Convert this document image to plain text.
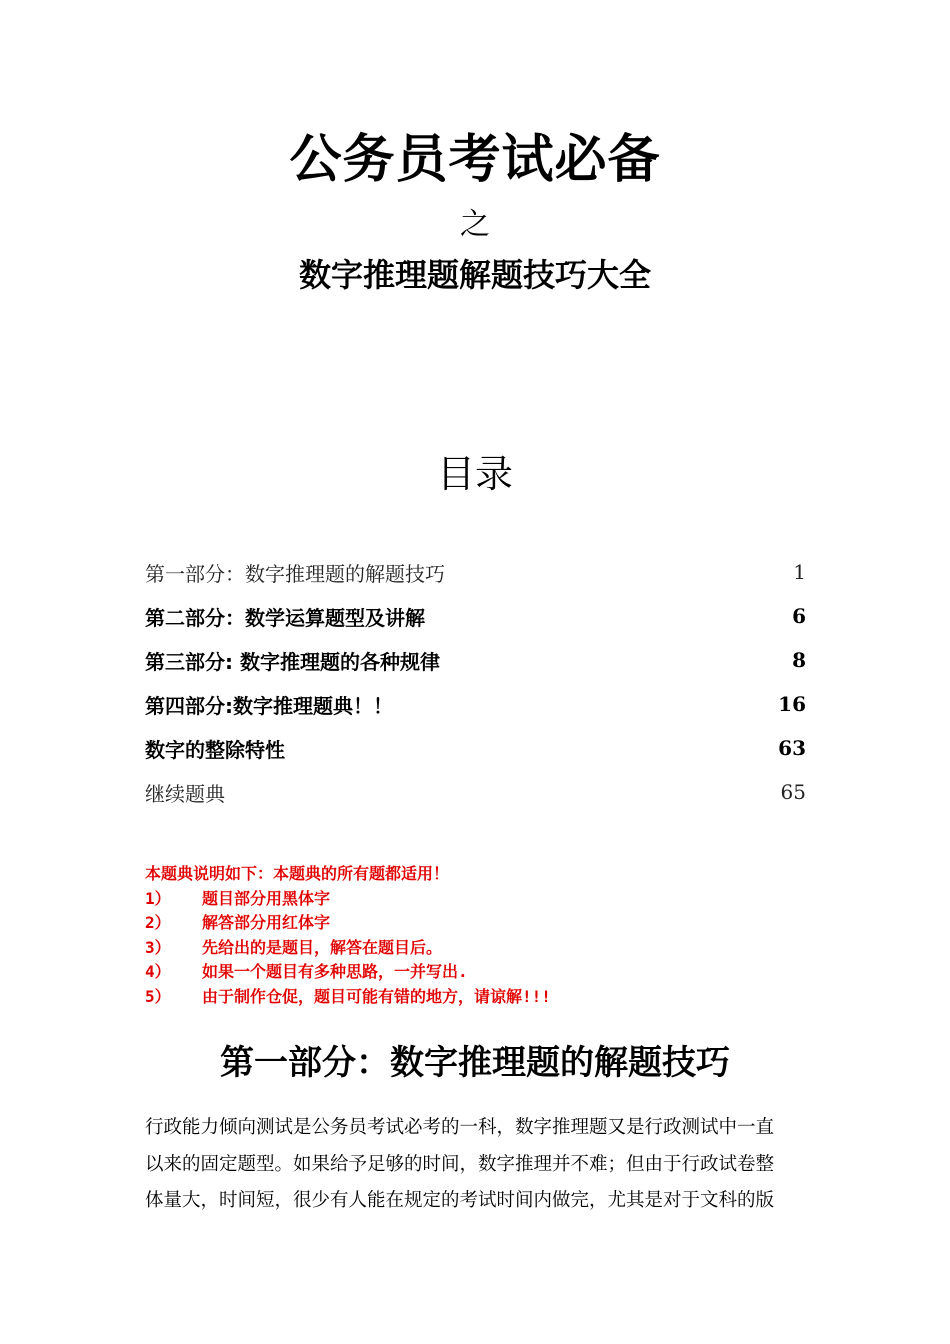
公务员考试必备
之
数字推理题解题技巧大全
目录
第一部分：数字推理题的解题技巧	1
第二部分：数学运算题型及讲解	6
第三部分: 数字推理题的各种规律	8
第四部分:数字推理题典！！	16
数字的整除特性	63
继续题典	65
本题典说明如下：本题典的所有题都适用！
1） 题目部分用黑体字
2） 解答部分用红体字
3） 先给出的是题目，解答在题目后。
4） 如果一个题目有多种思路，一并写出.
5） 由于制作仓促，题目可能有错的地方，请谅解!!!
第一部分：数字推理题的解题技巧
行政能力倾向测试是公务员考试必考的一科，数字推理题又是行政测试中一直
以来的固定题型。如果给予足够的时间，数字推理并不难；但由于行政试卷整
体量大，时间短，很少有人能在规定的考试时间内做完，尤其是对于文科的版
